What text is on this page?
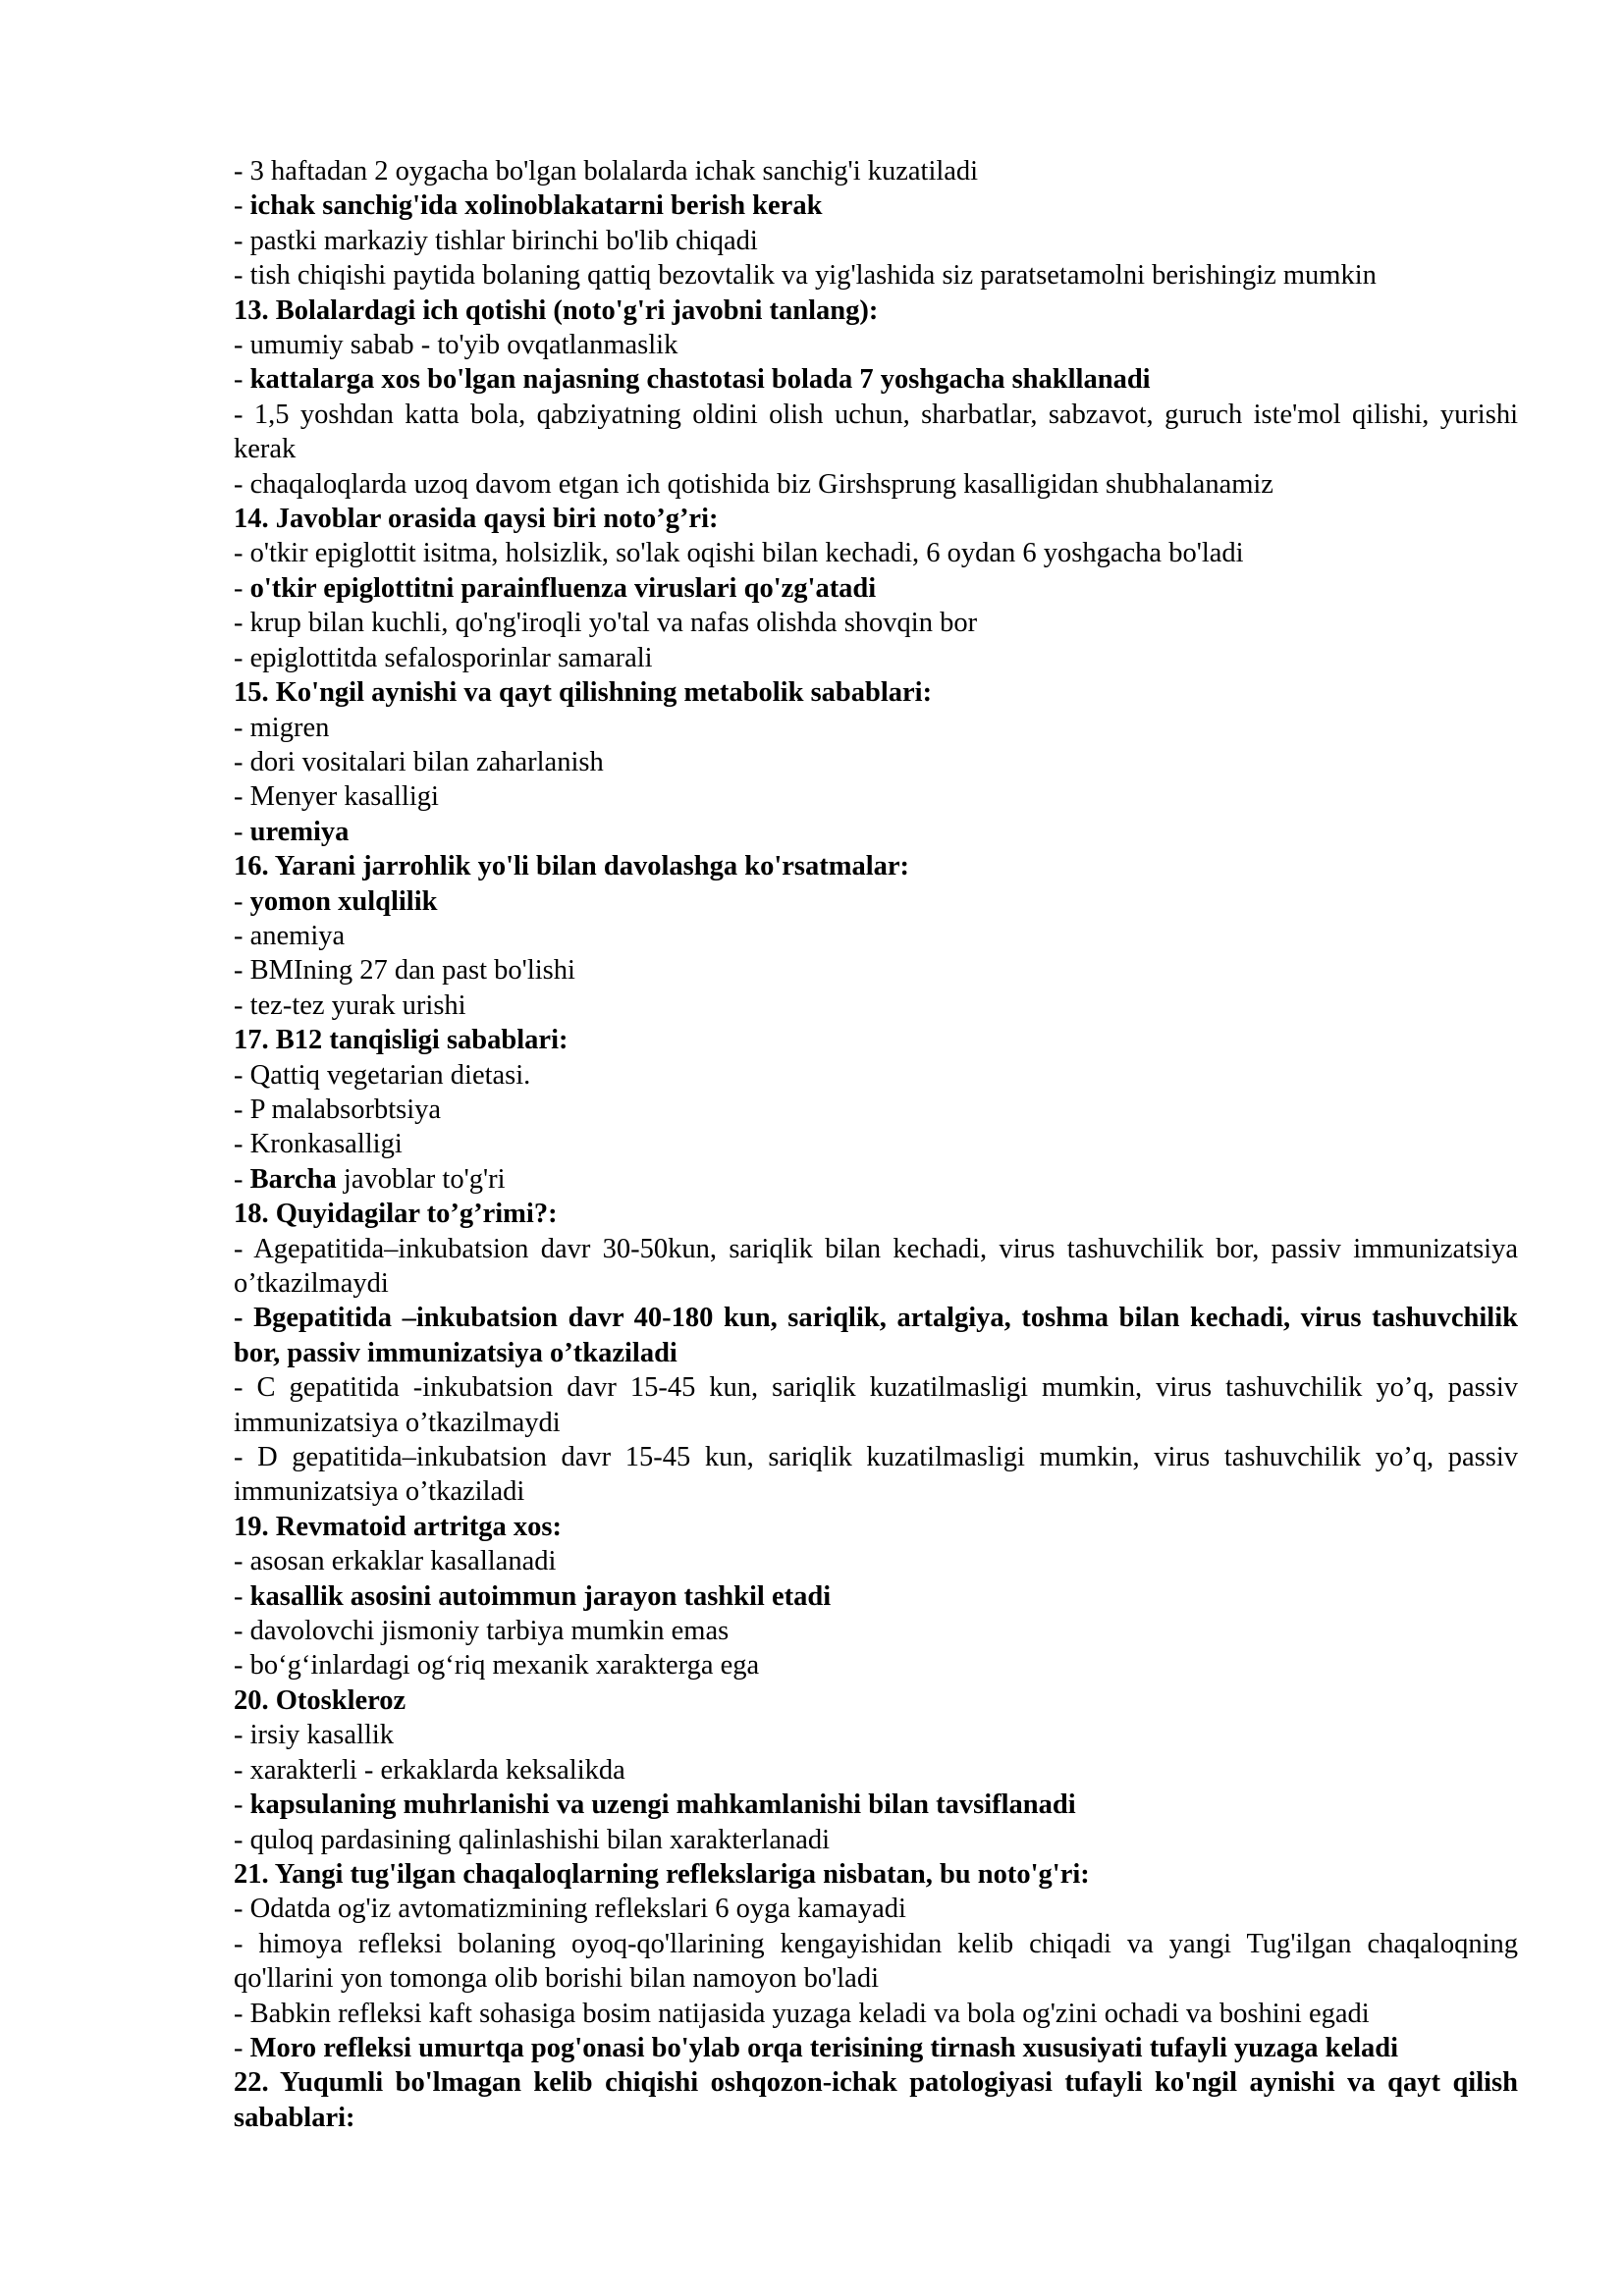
- 3 haftadan 2 oygacha bo'lgan bolalarda ichak sanchig'i kuzatiladi

- ichak sanchig'ida xolinoblakatarni berish kerak

- pastki markaziy tishlar birinchi bo'lib chiqadi

- tish chiqishi paytida bolaning qattiq bezovtalik va yig'lashida siz paratsetamolni berishingiz mumkin

13. Bolalardagi ich qotishi (noto'g'ri javobni tanlang):

- umumiy sabab - to'yib ovqatlanmaslik

- kattalarga xos bo'lgan najasning chastotasi bolada 7 yoshgacha shakllanadi

- 1,5 yoshdan katta bola, qabziyatning oldini olish uchun, sharbatlar, sabzavot, guruch iste'mol qilishi, yurishi kerak

- chaqaloqlarda uzoq davom etgan ich qotishida biz Girshsprung kasalligidan shubhalanamiz

14. Javoblar orasida qaysi biri noto’g’ri:

- o'tkir epiglottit isitma, holsizlik, so'lak oqishi bilan kechadi, 6 oydan 6 yoshgacha bo'ladi

- o'tkir epiglottitni parainfluenza viruslari qo'zg'atadi

- krup bilan kuchli, qo'ng'iroqli yo'tal va nafas olishda shovqin bor

- epiglottitda sefalosporinlar samarali

15. Ko'ngil aynishi va qayt qilishning metabolik sabablari:

- migren

- dori vositalari bilan zaharlanish

- Menyer kasalligi

- uremiya

16. Yarani jarrohlik yo'li bilan davolashga ko'rsatmalar:

- yomon xulqlilik

- anemiya

- BMIning 27 dan past bo'lishi

- tez-tez yurak urishi

17. B12 tanqisligi sabablari:

- Qattiq vegetarian dietasi.

- P malabsorbtsiya

- Kronkasalligi

- Barcha javoblar to'g'ri

18. Quyidagilar to’g’rimi?:

- Agepatitida–inkubatsion davr 30-50kun, sariqlik bilan kechadi, virus tashuvchilik bor, passiv immunizatsiya o’tkazilmaydi

- Bgepatitida –inkubatsion davr 40-180 kun, sariqlik, artalgiya, toshma bilan kechadi, virus tashuvchilik bor, passiv immunizatsiya o’tkaziladi

- C gepatitida -inkubatsion davr 15-45 kun, sariqlik kuzatilmasligi mumkin, virus tashuvchilik yo’q, passiv immunizatsiya o’tkazilmaydi

- D gepatitida–inkubatsion davr 15-45 kun, sariqlik kuzatilmasligi mumkin, virus tashuvchilik yo’q, passiv immunizatsiya o’tkaziladi

19. Revmatoid artritga xos:

- asosan erkaklar kasallanadi

- kasallik asosini autoimmun jarayon tashkil etadi

- davolovchi jismoniy tarbiya mumkin emas

- bo‘g‘inlardagi og‘riq mexanik xarakterga ega

20. Otoskleroz

- irsiy kasallik

- xarakterli - erkaklarda keksalikda

- kapsulaning muhrlanishi va uzengi mahkamlanishi bilan tavsiflanadi

- quloq pardasining qalinlashishi bilan xarakterlanadi

21. Yangi tug'ilgan chaqaloqlarning reflekslariga nisbatan, bu noto'g'ri:

- Odatda og'iz avtomatizmining reflekslari 6 oyga kamayadi

- himoya refleksi bolaning oyoq-qo'llarining kengayishidan kelib chiqadi va yangi Tug'ilgan chaqaloqning qo'llarini yon tomonga olib borishi bilan namoyon bo'ladi

- Babkin refleksi kaft sohasiga bosim natijasida yuzaga keladi va bola og'zini ochadi va boshini egadi

- Moro refleksi umurtqa pog'onasi bo'ylab orqa terisining tirnash xususiyati tufayli yuzaga keladi

22. Yuqumli bo'lmagan kelib chiqishi oshqozon-ichak patologiyasi tufayli ko'ngil aynishi va qayt qilish sabablari:
